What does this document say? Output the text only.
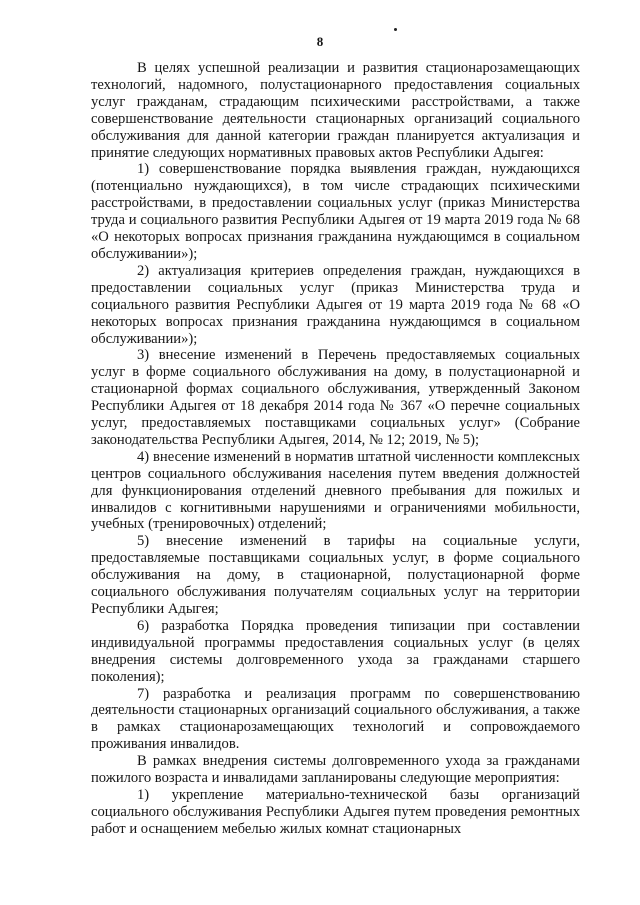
8

В целях успешной реализации и развития стационарозамещающих технологий, надомного, полустационарного предоставления социальных услуг гражданам, страдающим психическими расстройствами, а также совершенствование деятельности стационарных организаций социального обслуживания для данной категории граждан планируется актуализация и принятие следующих нормативных правовых актов Республики Адыгея:

1) совершенствование порядка выявления граждан, нуждающихся (потенциально нуждающихся), в том числе страдающих психическими расстройствами, в предоставлении социальных услуг (приказ Министерства труда и социального развития Республики Адыгея от 19 марта 2019 года № 68 «О некоторых вопросах признания гражданина нуждающимся в социальном обслуживании»);

2) актуализация критериев определения граждан, нуждающихся в предоставлении социальных услуг (приказ Министерства труда и социального развития Республики Адыгея от 19 марта 2019 года № 68 «О некоторых вопросах признания гражданина нуждающимся в социальном обслуживании»);

3) внесение изменений в Перечень предоставляемых социальных услуг в форме социального обслуживания на дому, в полустационарной и стационарной формах социального обслуживания, утвержденный Законом Республики Адыгея от 18 декабря 2014 года № 367 «О перечне социальных услуг, предоставляемых поставщиками социальных услуг» (Собрание законодательства Республики Адыгея, 2014, № 12; 2019, № 5);

4) внесение изменений в норматив штатной численности комплексных центров социального обслуживания населения путем введения должностей для функционирования отделений дневного пребывания для пожилых и инвалидов с когнитивными нарушениями и ограничениями мобильности, учебных (тренировочных) отделений;

5) внесение изменений в тарифы на социальные услуги, предоставляемые поставщиками социальных услуг, в форме социального обслуживания на дому, в стационарной, полустационарной форме социального обслуживания получателям социальных услуг на территории Республики Адыгея;

6) разработка Порядка проведения типизации при составлении индивидуальной программы предоставления социальных услуг (в целях внедрения системы долговременного ухода за гражданами старшего поколения);

7) разработка и реализация программ по совершенствованию деятельности стационарных организаций социального обслуживания, а также в рамках стационарозамещающих технологий и сопровождаемого проживания инвалидов.

В рамках внедрения системы долговременного ухода за гражданами пожилого возраста и инвалидами запланированы следующие мероприятия:

1) укрепление материально-технической базы организаций социального обслуживания Республики Адыгея путем проведения ремонтных работ и оснащением мебелью жилых комнат стационарных
